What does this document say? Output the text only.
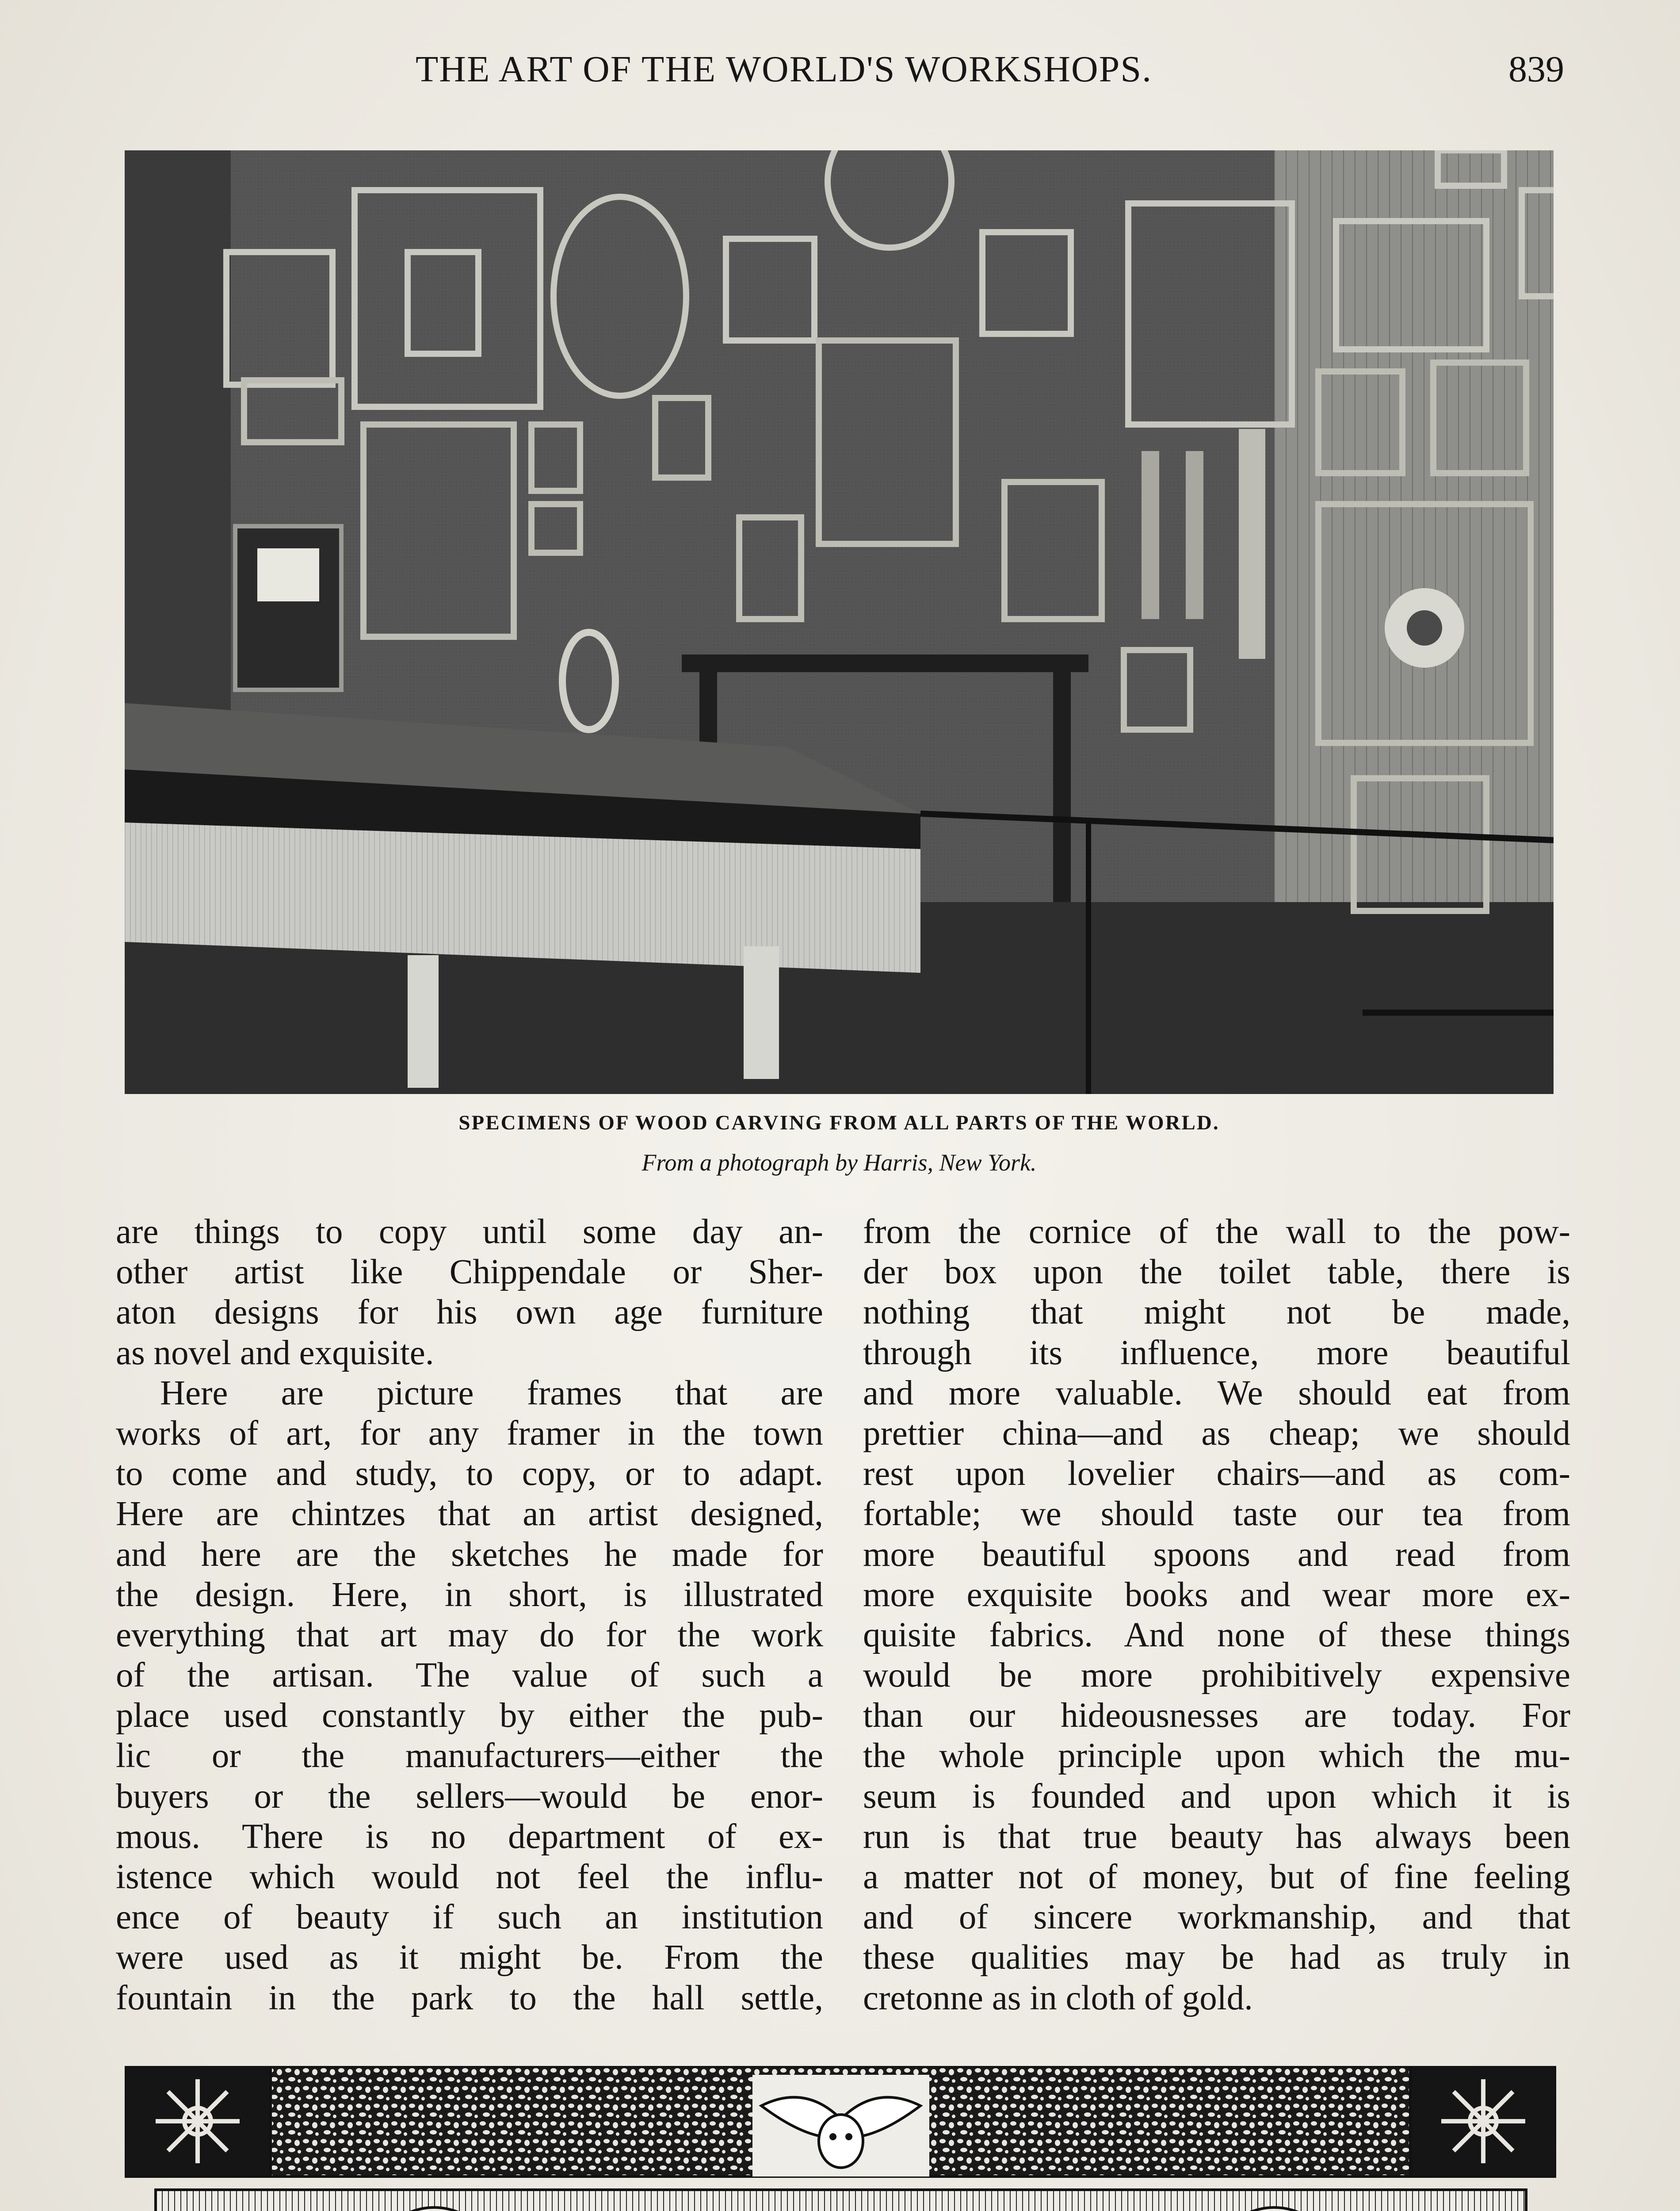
THE ART OF THE WORLD'S WORKSHOPS.	839
SPECIMENS OF WOOD CARVING FROM ALL PARTS OF THE WORLD.
From a photograph by Harris, New York.
are things to copy until some day an-
other artist like Chippendale or Sher-
aton designs for his own age furniture
as novel and exquisite.
Here are picture frames that are
works of art, for any framer in the town
to come and study, to copy, or to adapt.
Here are chintzes that an artist designed,
and here are the sketches he made for
the design. Here, in short, is illustrated
everything that art may do for the work
of the artisan. The value of such a
place used constantly by either the pub-
lic or the manufacturers—either the
buyers or the sellers—would be enor-
mous. There is no department of ex-
istence which would not feel the influ-
ence of beauty if such an institution
were used as it might be. From the
fountain in the park to the hall settle,
from the cornice of the wall to the pow-
der box upon the toilet table, there is
nothing that might not be made,
through its influence, more beautiful
and more valuable. We should eat from
prettier china—and as cheap; we should
rest upon lovelier chairs—and as com-
fortable; we should taste our tea from
more beautiful spoons and read from
more exquisite books and wear more ex-
quisite fabrics. And none of these things
would be more prohibitively expensive
than our hideousnesses are today. For
the whole principle upon which the mu-
seum is founded and upon which it is
run is that true beauty has always been
a matter not of money, but of fine feeling
and of sincere workmanship, and that
these qualities may be had as truly in
cretonne as in cloth of gold.
